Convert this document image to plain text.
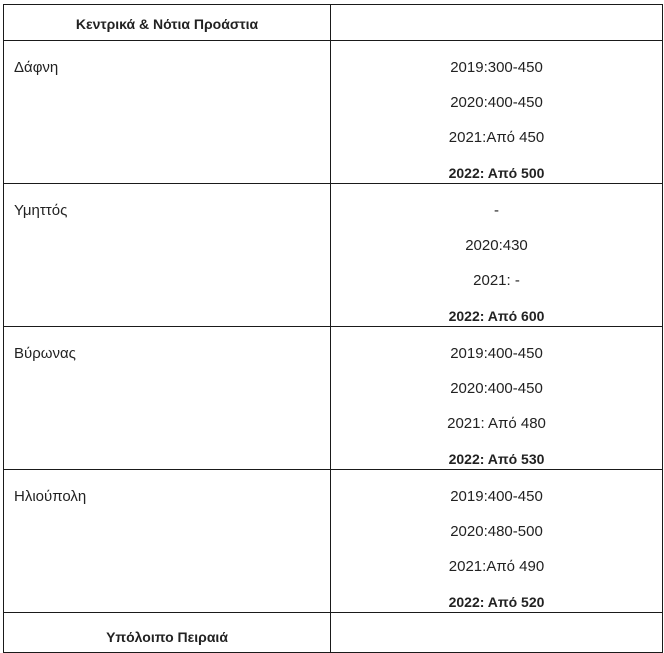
Κεντρικά & Νότια Προάστια
Δάφνη	2019:300-450
2020:400-450
2021:Από 450
2022: Από 500
Υμηττός	-
2020:430
2021: -
2022: Από 600
Βύρωνας	2019:400-450
2020:400-450
2021: Από 480
2022: Από 530
Ηλιούπολη	2019:400-450
2020:480-500
2021:Από 490
2022: Από 520
Υπόλοιπο Πειραιά
